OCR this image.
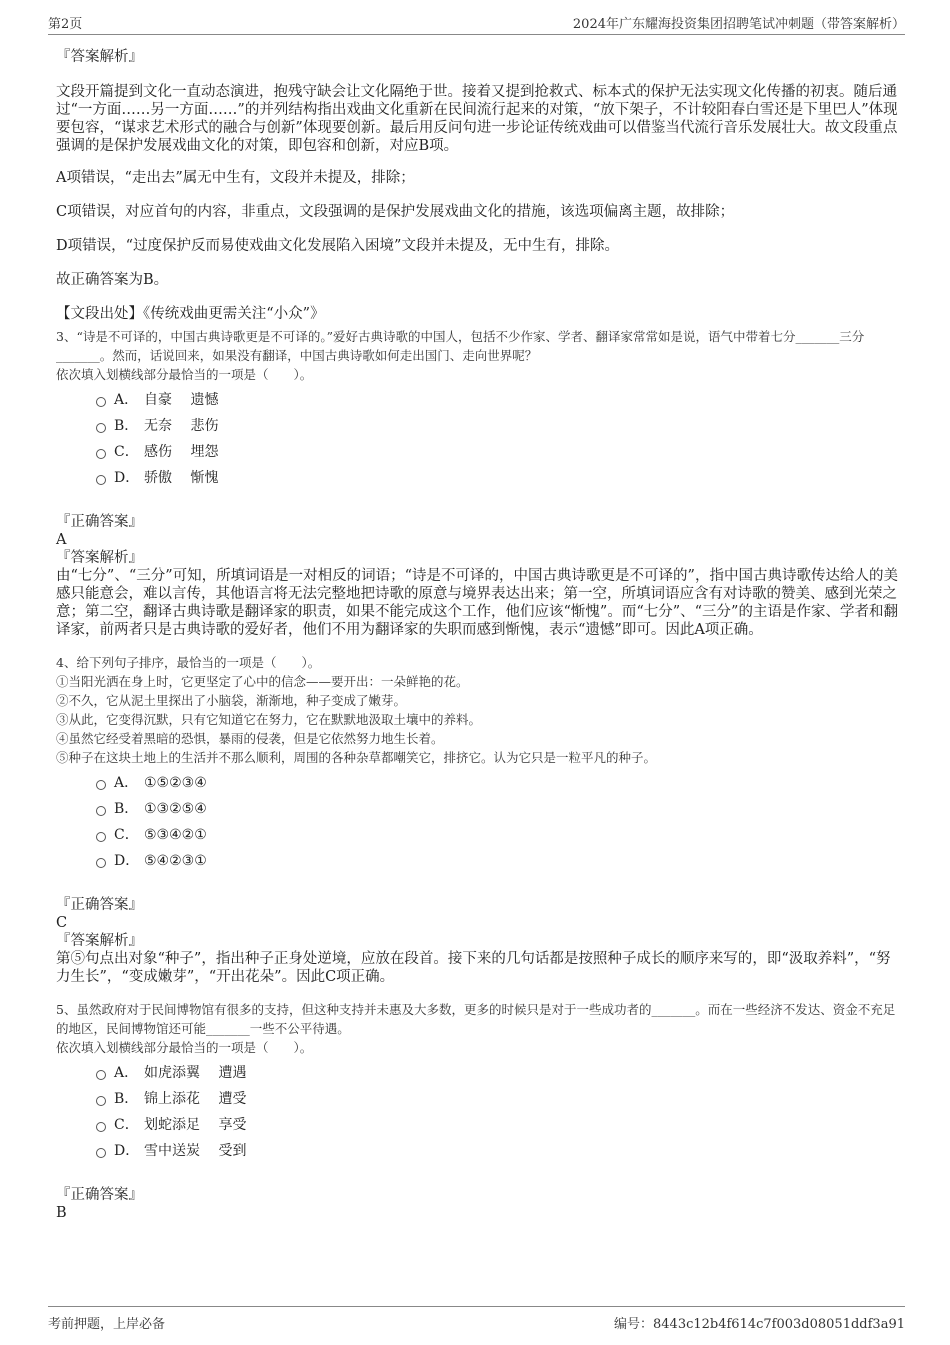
第2页	2024年广东耀海投资集团招聘笔试冲刺题（带答案解析）

『答案解析』

文段开篇提到文化一直动态演进，抱残守缺会让文化隔绝于世。接着又提到抢救式、标本式的保护无法实现文化传播的初衷。随后通过“一方面……另一方面……”的并列结构指出戏曲文化重新在民间流行起来的对策，“放下架子，不计较阳春白雪还是下里巴人”体现要包容，“谋求艺术形式的融合与创新”体现要创新。最后用反问句进一步论证传统戏曲可以借鉴当代流行音乐发展壮大。故文段重点强调的是保护发展戏曲文化的对策，即包容和创新，对应B项。

A项错误，“走出去”属无中生有，文段并未提及，排除；

C项错误，对应首句的内容，非重点，文段强调的是保护发展戏曲文化的措施，该选项偏离主题，故排除；

D项错误，“过度保护反而易使戏曲文化发展陷入困境”文段并未提及，无中生有，排除。

故正确答案为B。

【文段出处】《传统戏曲更需关注“小众”》

3、“诗是不可译的，中国古典诗歌更是不可译的。”爱好古典诗歌的中国人，包括不少作家、学者、翻译家常常如是说，语气中带着七分_______三分_______。然而，话说回来，如果没有翻译，中国古典诗歌如何走出国门、走向世界呢？

依次填入划横线部分最恰当的一项是（　　）。

A． 自豪　 遗憾
B． 无奈　 悲伤
C． 感伤　 埋怨
D． 骄傲　 惭愧

『正确答案』

A

『答案解析』

由“七分”、“三分”可知，所填词语是一对相反的词语；“诗是不可译的，中国古典诗歌更是不可译的”，指中国古典诗歌传达给人的美感只能意会，难以言传，其他语言将无法完整地把诗歌的原意与境界表达出来；第一空，所填词语应含有对诗歌的赞美、感到光荣之意；第二空，翻译古典诗歌是翻译家的职责，如果不能完成这个工作，他们应该“惭愧”。而“七分”、“三分”的主语是作家、学者和翻译家，前两者只是古典诗歌的爱好者，他们不用为翻译家的失职而感到惭愧，表示“遗憾”即可。因此A项正确。

4、给下列句子排序，最恰当的一项是（　　）。

①当阳光洒在身上时，它更坚定了心中的信念——要开出：一朵鲜艳的花。

②不久，它从泥土里探出了小脑袋，渐渐地，种子变成了嫩芽。

③从此，它变得沉默，只有它知道它在努力，它在默默地汲取土壤中的养料。

④虽然它经受着黑暗的恐惧，暴雨的侵袭，但是它依然努力地生长着。

⑤种子在这块土地上的生活并不那么顺利，周围的各种杂草都嘲笑它，排挤它。认为它只是一粒平凡的种子。

A． ①⑤②③④
B． ①③②⑤④
C． ⑤③④②①
D． ⑤④②③①

『正确答案』

C

『答案解析』

第⑤句点出对象“种子”，指出种子正身处逆境，应放在段首。接下来的几句话都是按照种子成长的顺序来写的，即“汲取养料”，“努力生长”，“变成嫩芽”，“开出花朵”。因此C项正确。

5、虽然政府对于民间博物馆有很多的支持，但这种支持并未惠及大多数，更多的时候只是对于一些成功者的_______。而在一些经济不发达、资金不充足的地区，民间博物馆还可能_______一些不公平待遇。

依次填入划横线部分最恰当的一项是（　　）。

A． 如虎添翼　 遭遇
B． 锦上添花　 遭受
C． 划蛇添足　 享受
D． 雪中送炭　 受到

『正确答案』

B

考前押题，上岸必备	编号：8443c12b4f614c7f003d08051ddf3a91
